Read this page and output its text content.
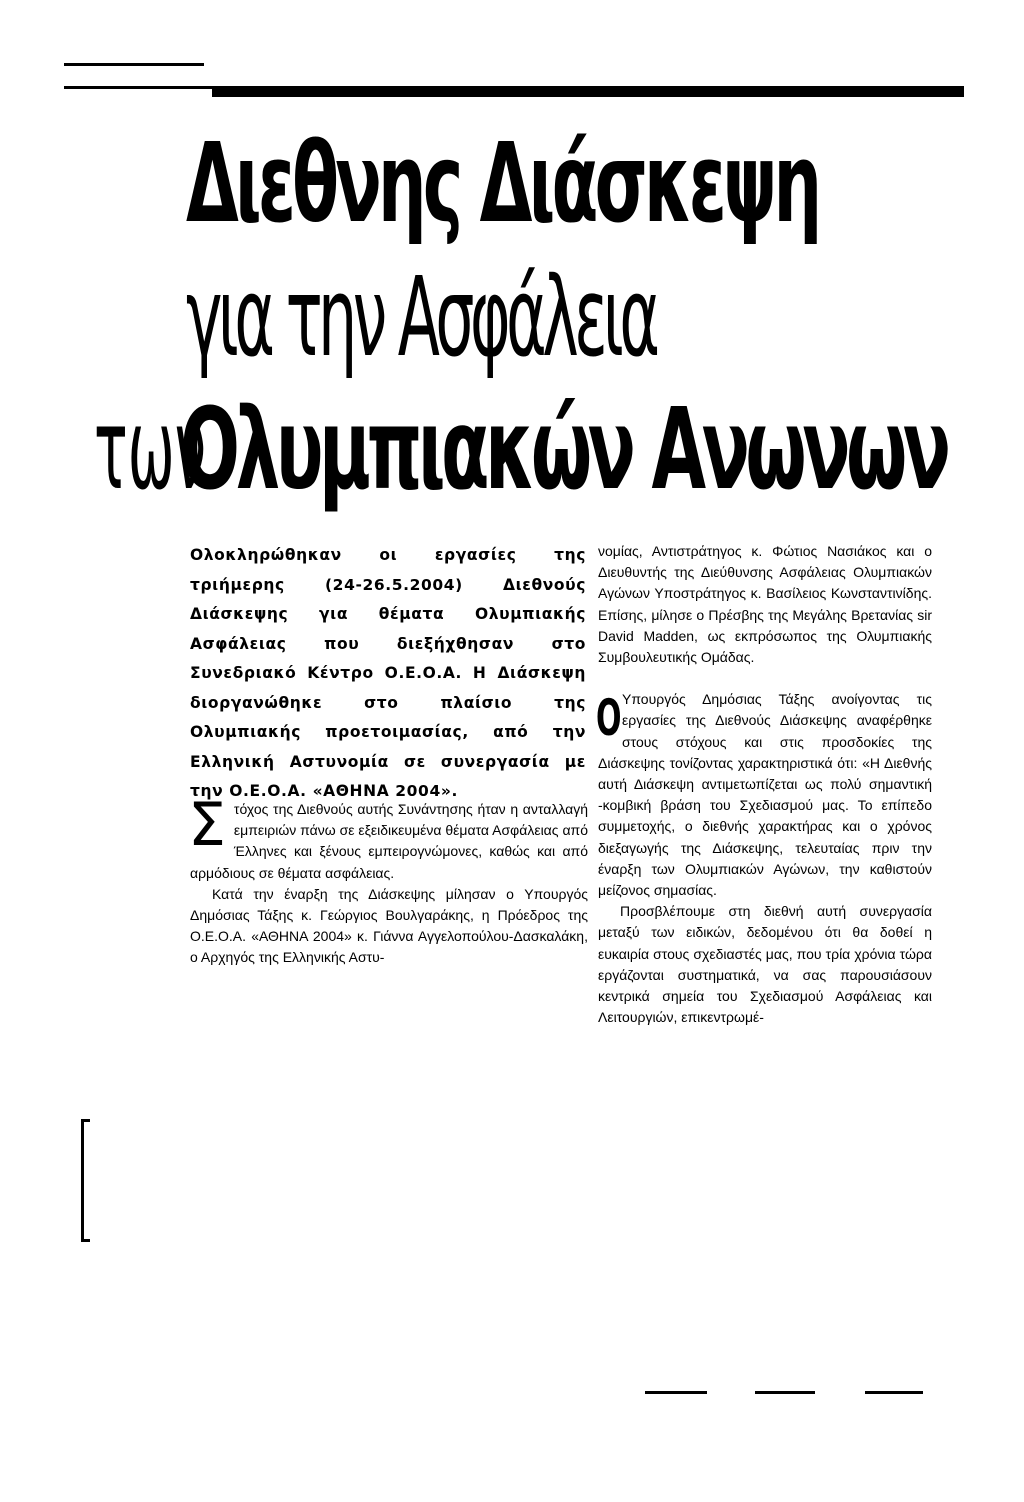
Διεθνης Διάσκεψη
για την Ασφάλεια
των
Ολυμπιακών Ανωνων
Ολοκληρώθηκαν οι εργασίες της τριήμερης (24-26.5.2004) Διεθνούς Διάσκεψης για θέματα Ολυμπιακής Ασφάλειας που διεξήχθησαν στο Συνεδριακό Κέντρο Ο.Ε.Ο.Α. Η Διάσκεψη διοργανώθηκε στο πλαίσιο της Ολυμπιακής προετοιμασίας, από την Ελληνική Αστυνομία σε συνεργασία με την Ο.Ε.Ο.Α. «ΑΘΗΝΑ 2004».

Σ τόχος της Διεθνούς αυτής Συνάντησης ήταν η ανταλλαγή εμπειριών πάνω σε εξειδικευμένα θέματα Ασφάλειας από Έλληνες και ξένους εμπειρογνώμονες, καθώς και από αρμόδιους σε θέματα ασφάλειας.

Κατά την έναρξη της Διάσκεψης μίλησαν ο Υπουργός Δημόσιας Τάξης κ. Γεώργιος Βουλγαράκης, η Πρόεδρος της Ο.Ε.Ο.Α. «ΑΘΗΝΑ 2004» κ. Γιάννα Αγγελοπούλου-Δασκαλάκη, ο Αρχηγός της Ελληνικής Αστυ-

νομίας, Αντιστράτηγος κ. Φώτιος Νασιάκος και ο Διευθυντής της Διεύθυνσης Ασφάλειας Ολυμπιακών Αγώνων Υποστράτηγος κ. Βασίλειος Κωνσταντινίδης. Επίσης, μίλησε ο Πρέσβης της Μεγάλης Βρετανίας sir David Madden, ως εκπρόσωπος της Ολυμπιακής Συμβουλευτικής Ομάδας.

Ο Υπουργός Δημόσιας Τάξης ανοίγοντας τις εργασίες της Διεθνούς Διάσκεψης αναφέρθηκε στους στόχους και στις προσδοκίες της Διάσκεψης τονίζοντας χαρακτηριστικά ότι: «Η Διεθνής αυτή Διάσκεψη αντιμετωπίζεται ως πολύ σημαντική -κομβική βράση του Σχεδιασμού μας. Το επίπεδο συμμετοχής, ο διεθνής χαρακτήρας και ο χρόνος διεξαγωγής της Διάσκεψης, τελευταίας πριν την έναρξη των Ολυμπιακών Αγώνων, την καθιστούν μείζονος σημασίας.

Προσβλέπουμε στη διεθνή αυτή συνεργασία μεταξύ των ειδικών, δεδομένου ότι θα δοθεί η ευκαιρία στους σχεδιαστές μας, που τρία χρόνια τώρα εργάζονται συστηματικά, να σας παρουσιάσουν κεντρικά σημεία του Σχεδιασμού Ασφάλειας και Λειτουργιών, επικεντρωμέ-
